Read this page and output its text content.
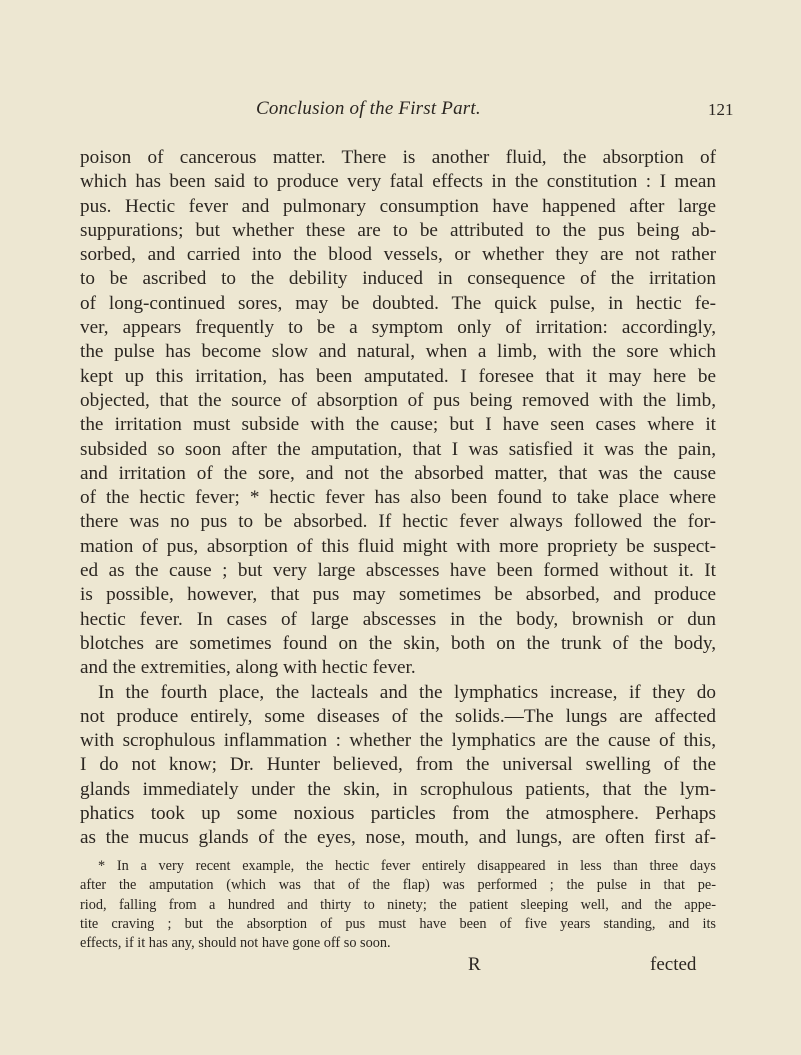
Conclusion of the First Part.	121
poison of cancerous matter. There is another fluid, the absorption of
which has been said to produce very fatal effects in the constitution : I mean
pus. Hectic fever and pulmonary consumption have happened after large
suppurations; but whether these are to be attributed to the pus being ab-
sorbed, and carried into the blood vessels, or whether they are not rather
to be ascribed to the debility induced in consequence of the irritation
of long-continued sores, may be doubted. The quick pulse, in hectic fe-
ver, appears frequently to be a symptom only of irritation: accordingly,
the pulse has become slow and natural, when a limb, with the sore which
kept up this irritation, has been amputated. I foresee that it may here be
objected, that the source of absorption of pus being removed with the limb,
the irritation must subside with the cause; but I have seen cases where it
subsided so soon after the amputation, that I was satisfied it was the pain,
and irritation of the sore, and not the absorbed matter, that was the cause
of the hectic fever; * hectic fever has also been found to take place where
there was no pus to be absorbed. If hectic fever always followed the for-
mation of pus, absorption of this fluid might with more propriety be suspect-
ed as the cause ; but very large abscesses have been formed without it. It
is possible, however, that pus may sometimes be absorbed, and produce
hectic fever. In cases of large abscesses in the body, brownish or dun
blotches are sometimes found on the skin, both on the trunk of the body,
and the extremities, along with hectic fever.
In the fourth place, the lacteals and the lymphatics increase, if they do
not produce entirely, some diseases of the solids.—The lungs are affected
with scrophulous inflammation : whether the lymphatics are the cause of this,
I do not know; Dr. Hunter believed, from the universal swelling of the
glands immediately under the skin, in scrophulous patients, that the lym-
phatics took up some noxious particles from the atmosphere. Perhaps
as the mucus glands of the eyes, nose, mouth, and lungs, are often first af-
* In a very recent example, the hectic fever entirely disappeared in less than three days
after the amputation (which was that of the flap) was performed ; the pulse in that pe-
riod, falling from a hundred and thirty to ninety; the patient sleeping well, and the appe-
tite craving ; but the absorption of pus must have been of five years standing, and its
effects, if it has any, should not have gone off so soon.
R	fected
